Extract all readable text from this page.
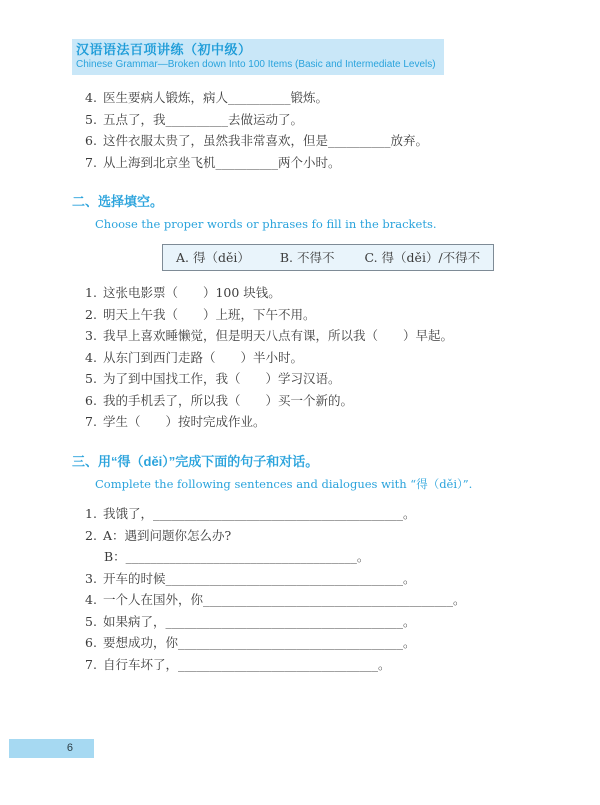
汉语语法百项讲练（初中级）
Chinese Grammar—Broken down Into 100 Items (Basic and Intermediate Levels)
4. 医生要病人锻炼，病人__________锻炼。
5. 五点了，我__________去做运动了。
6. 这件衣服太贵了，虽然我非常喜欢，但是__________放弃。
7. 从上海到北京坐飞机__________两个小时。
二、选择填空。

Choose the proper words or phrases fo fill in the brackets.

A. 得（děi） B. 不得不 C. 得（děi）/不得不
1. 这张电影票（　　）100 块钱。
2. 明天上午我（　　）上班，下午不用。
3. 我早上喜欢睡懒觉，但是明天八点有课，所以我（　　）早起。
4. 从东门到西门走路（　　）半小时。
5. 为了到中国找工作，我（　　）学习汉语。
6. 我的手机丢了，所以我（　　）买一个新的。
7. 学生（　　）按时完成作业。
三、用“得（děi）”完成下面的句子和对话。

Complete the following sentences and dialogues with “得（děi）”.

1. 我饿了，________________________________________。
2. A：遇到问题你怎么办?
B：_____________________________________。
3. 开车的时候______________________________________。
4. 一个人在国外，你________________________________________。
5. 如果病了，______________________________________。
6. 要想成功，你____________________________________。
7. 自行车坏了，________________________________。
6
